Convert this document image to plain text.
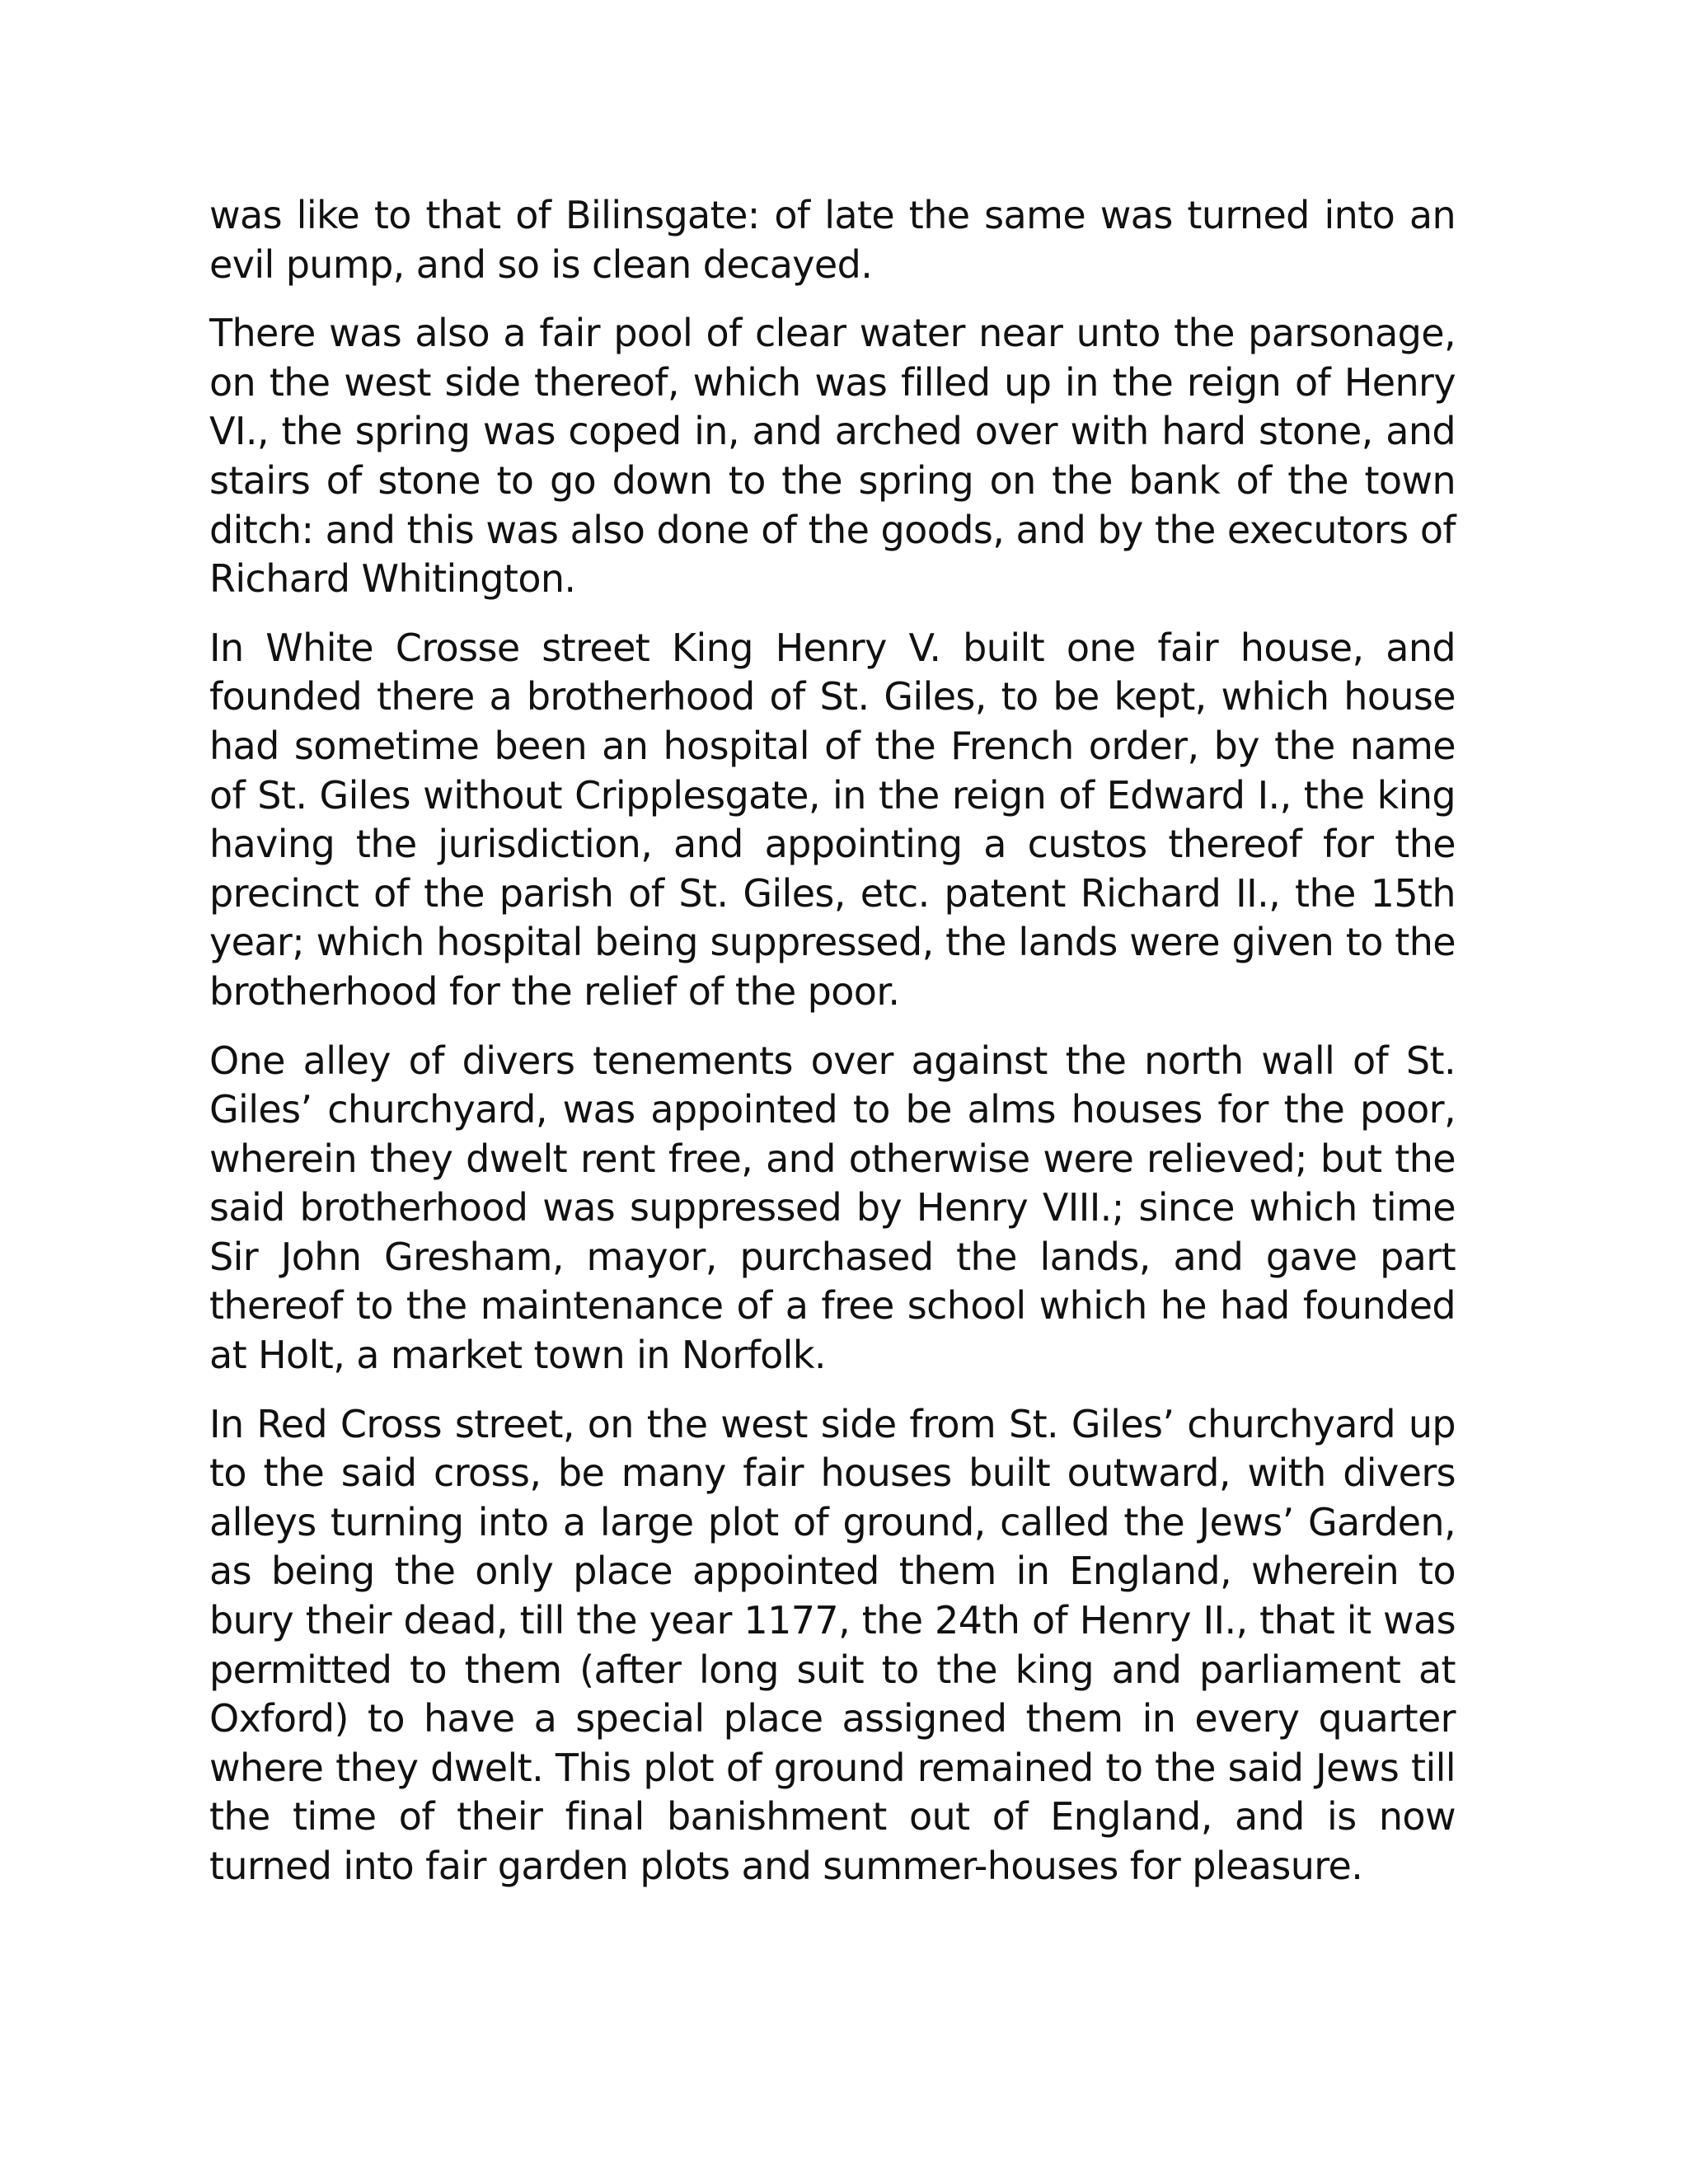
was like to that of Bilinsgate: of late the same was turned into an evil pump, and so is clean decayed.

There was also a fair pool of clear water near unto the parsonage, on the west side thereof, which was filled up in the reign of Henry VI., the spring was coped in, and arched over with hard stone, and stairs of stone to go down to the spring on the bank of the town ditch: and this was also done of the goods, and by the executors of Richard Whitington.

In White Crosse street King Henry V. built one fair house, and founded there a brotherhood of St. Giles, to be kept, which house had sometime been an hospital of the French order, by the name of St. Giles without Cripplesgate, in the reign of Edward I., the king having the jurisdiction, and appointing a custos thereof for the precinct of the parish of St. Giles, etc. patent Richard II., the 15th year; which hospital being suppressed, the lands were given to the brotherhood for the relief of the poor.

One alley of divers tenements over against the north wall of St. Giles’ churchyard, was appointed to be alms houses for the poor, wherein they dwelt rent free, and otherwise were relieved; but the said brotherhood was suppressed by Henry VIII.; since which time Sir John Gresham, mayor, purchased the lands, and gave part thereof to the maintenance of a free school which he had founded at Holt, a market town in Norfolk.

In Red Cross street, on the west side from St. Giles’ churchyard up to the said cross, be many fair houses built outward, with divers alleys turning into a large plot of ground, called the Jews’ Garden, as being the only place appointed them in England, wherein to bury their dead, till the year 1177, the 24th of Henry II., that it was permitted to them (after long suit to the king and parliament at Oxford) to have a special place assigned them in every quarter where they dwelt. This plot of ground remained to the said Jews till the time of their final banishment out of England, and is now turned into fair garden plots and summer-houses for pleasure.
